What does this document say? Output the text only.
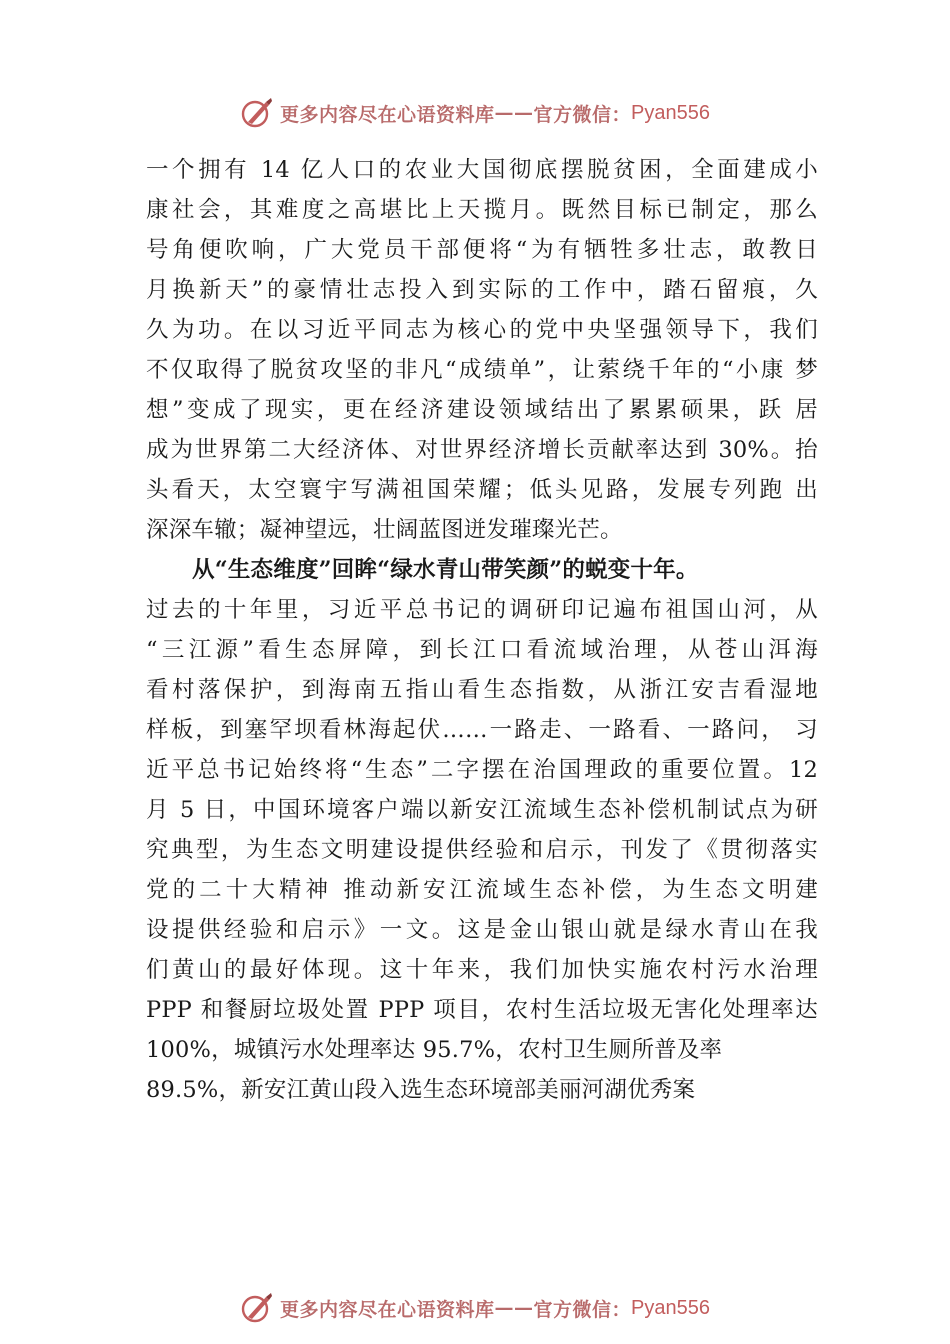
更多内容尽在心语资料库 —— 官方微信： Pyan556
一个拥有 14 亿人口的农业大国彻底摆脱贫困，全面建成小
康社会，其难度之高堪比上天揽月。既然目标已制定，那么
号角便吹响，广大党员干部便将“为有牺牲多壮志，敢教日
月换新天”的豪情壮志投入到实际的工作中，踏石留痕，久
久为功。在以习近平同志为核心的党中央坚强领导下，我们
不仅取得了脱贫攻坚的非凡“成绩单”，让萦绕千年的“小康 梦
想”变成了现实，更在经济建设领域结出了累累硕果，跃 居
成为世界第二大经济体、对世界经济增长贡献率达到 30%。抬
头看天，太空寰宇写满祖国荣耀；低头见路，发展专列跑 出
深深车辙；凝神望远，壮阔蓝图迸发璀璨光芒。
从“生态维度”回眸“绿水青山带笑颜”的蜕变十年。
过去的十年里，习近平总书记的调研印记遍布祖国山河，从
“三江源”看生态屏障，到长江口看流域治理，从苍山洱海
看村落保护，到海南五指山看生态指数，从浙江安吉看湿地
样板，到塞罕坝看林海起伏……一路走、一路看、一路问， 习
近平总书记始终将“生态”二字摆在治国理政的重要位置。12
月 5 日，中国环境客户端以新安江流域生态补偿机制试点为研
究典型，为生态文明建设提供经验和启示，刊发了《贯彻落实
党的二十大精神 推动新安江流域生态补偿，为生态文明建
设提供经验和启示》一文。这是金山银山就是绿水青山在我
们黄山的最好体现。这十年来，我们加快实施农村污水治理
PPP 和餐厨垃圾处置 PPP 项目，农村生活垃圾无害化处理率达
100%，城镇污水处理率达 95.7%，农村卫生厕所普及率
89.5%，新安江黄山段入选生态环境部美丽河湖优秀案
更多内容尽在心语资料库 —— 官方微信： Pyan556
